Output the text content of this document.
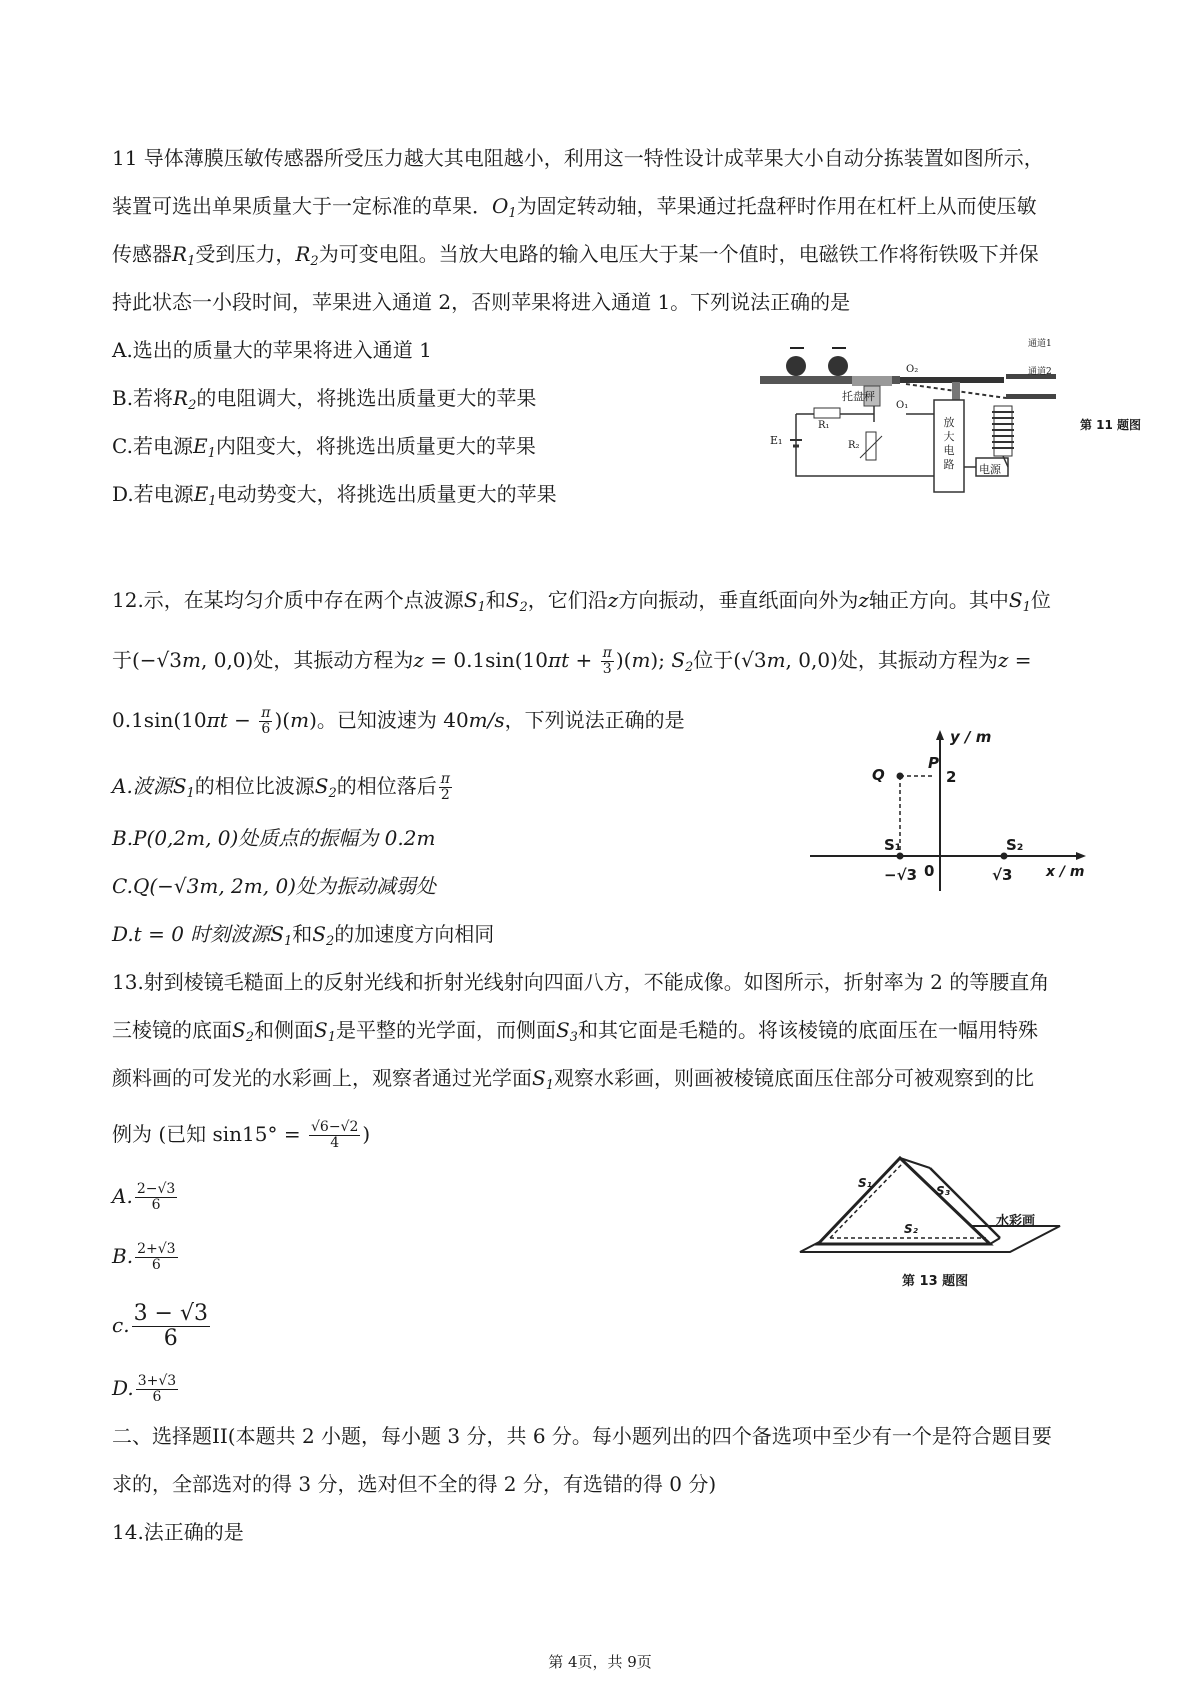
11 导体薄膜压敏传感器所受压力越大其电阻越小，利用这一特性设计成苹果大小自动分拣装置如图所示，
装置可选出单果质量大于一定标准的草果．$O_1$为固定转动轴，苹果通过托盘秤时作用在杠杆上从而使压敏
传感器$R_1$受到压力，$R_2$为可变电阻。当放大电路的输入电压大于某一个值时，电磁铁工作将衔铁吸下并保
持此状态一小段时间，苹果进入通道 2，否则苹果将进入通道 1。下列说法正确的是
A.选出的质量大的苹果将进入通道 1
B.若将$R_2$的电阻调大，将挑选出质量更大的苹果
C.若电源$E_1$内阻变大，将挑选出质量更大的苹果
D.若电源$E_1$电动势变大，将挑选出质量更大的苹果
通道1
通道2
托盘秤
O₂
O₁
R₁
R₂
E₁
放大电路	电源
第 11 题图
12.示，在某均匀介质中存在两个点波源$S_1$和$S_2$，它们沿z方向振动，垂直纸面向外为z轴正方向。其中$S_1$位
于(−√3m, 0,0)处，其振动方程为$z = 0.1\sin(10\pi t + \frac{\pi}{3} )(m)$; $S_2$位于(√3m, 0,0)处，其振动方程为z =
$0.1\sin(10\pi t - \frac{\pi}{6} )(m)$。已知波速为 40m/s，下列说法正确的是
A.波源$S_1$的相位比波源$S_2$的相位落后 $\frac{\pi}{2}$
B.P(0,2m, 0)处质点的振幅为 0.2m
C.Q(−√3m, 2m, 0)处为振动减弱处
D.t = 0 时刻波源$S_1$和$S_2$的加速度方向相同
y / m
x / m
P
Q	2
0
S₁	S₂
−√3	√3
13.射到棱镜毛糙面上的反射光线和折射光线射向四面八方，不能成像。如图所示，折射率为 2 的等腰直角
三棱镜的底面$S_2$和侧面$S_1$是平整的光学面，而侧面$S_3$和其它面是毛糙的。将该棱镜的底面压在一幅用特殊
颜料画的可发光的水彩画上，观察者通过光学面$S_1$观察水彩画，则画被棱镜底面压住部分可被观察到的比
例为 (已知 $\sin 15^\circ = \frac{√6-√2}{4}$ )
A. $\frac{2-√3}{6}$
B. $\frac{2+√3}{6}$
c. $\frac{3 - √3}{6}$
D. $\frac{3+√3}{6}$
S₁
S₃
S₂	水彩画
第 13 题图
二、选择题II(本题共 2 小题，每小题 3 分，共 6 分。每小题列出的四个备选项中至少有一个是符合题目要
求的，全部选对的得 3 分，选对但不全的得 2 分，有选错的得 0 分)
14.法正确的是
第 4页，共 9页
